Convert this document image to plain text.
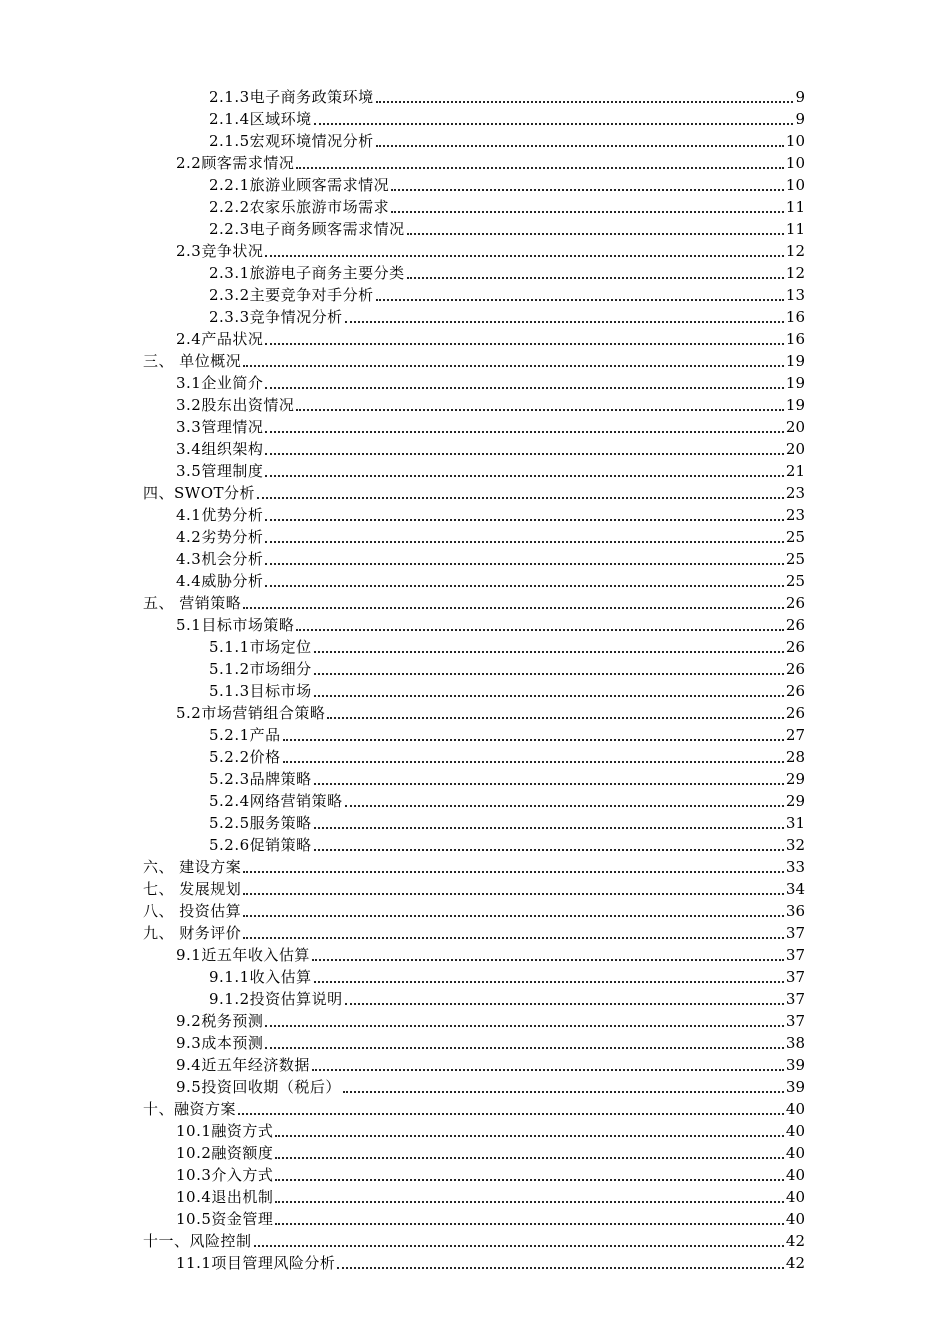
2.1.3电子商务政策环境	9
2.1.4区域环境	9
2.1.5宏观环境情况分析	10
2.2顾客需求情况	10
2.2.1旅游业顾客需求情况	10
2.2.2农家乐旅游市场需求	11
2.2.3电子商务顾客需求情况	11
2.3竞争状况	12
2.3.1旅游电子商务主要分类	12
2.3.2主要竞争对手分析	13
2.3.3竞争情况分析	16
2.4产品状况	16
三、 单位概况	19
3.1企业简介	19
3.2股东出资情况	19
3.3管理情况	20
3.4组织架构	20
3.5管理制度	21
四、SWOT分析	23
4.1优势分析	23
4.2劣势分析	25
4.3机会分析	25
4.4威胁分析	25
五、 营销策略	26
5.1目标市场策略	26
5.1.1市场定位	26
5.1.2市场细分	26
5.1.3目标市场	26
5.2市场营销组合策略	26
5.2.1产品	27
5.2.2价格	28
5.2.3品牌策略	29
5.2.4网络营销策略	29
5.2.5服务策略	31
5.2.6促销策略	32
六、 建设方案	33
七、 发展规划	34
八、 投资估算	36
九、 财务评价	37
9.1近五年收入估算	37
9.1.1收入估算	37
9.1.2投资估算说明	37
9.2税务预测	37
9.3成本预测	38
9.4近五年经济数据	39
9.5投资回收期（税后）	39
十、融资方案	40
10.1融资方式	40
10.2融资额度	40
10.3介入方式	40
10.4退出机制	40
10.5资金管理	40
十一、风险控制	42
11.1项目管理风险分析	42
